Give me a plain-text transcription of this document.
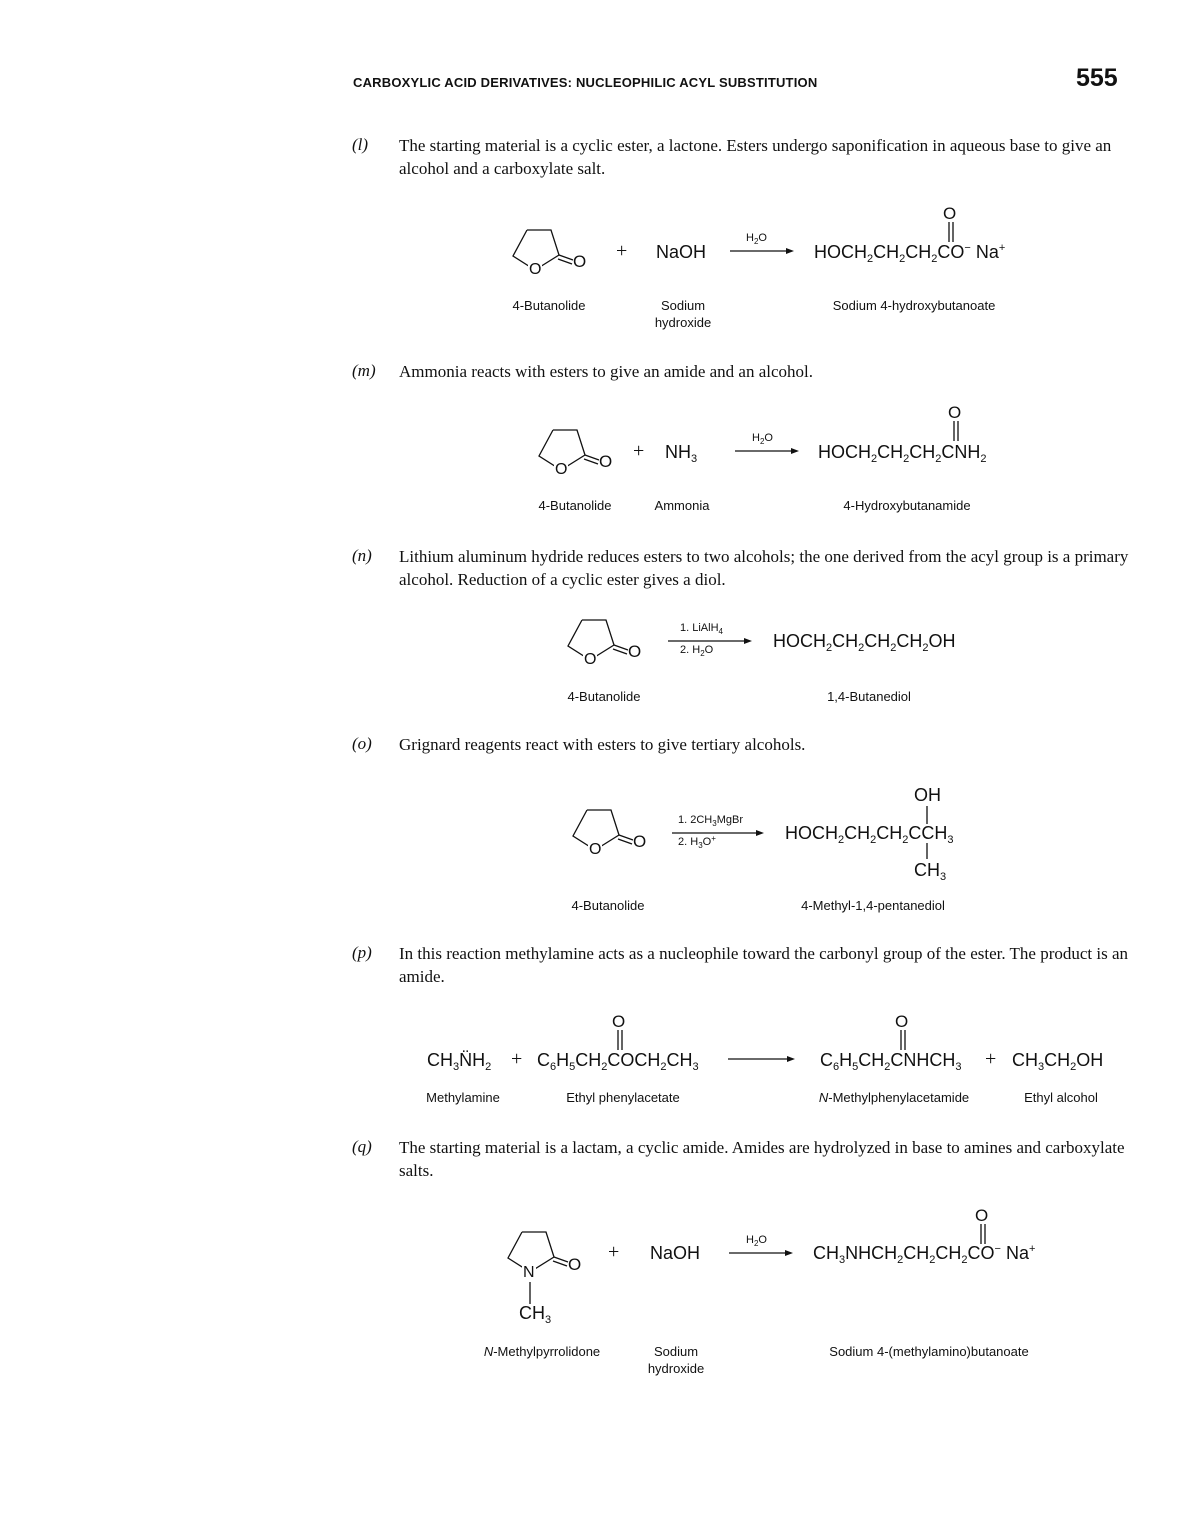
CARBOXYLIC ACID DERIVATIVES: NUCLEOPHILIC ACYL SUBSTITUTION	555
(l) The starting material is a cyclic ester, a lactone. Esters undergo saponification in aqueous base to give an alcohol and a carboxylate salt.
O O + NaOH
$H_2O$
$HOCH_2CH_2CH_2CO^-$ Na+
O
4-Butanolide	Sodium
hydroxide
Sodium 4-hydroxybutanoate
(m) Ammonia reacts with esters to give an amide and an alcohol.
O $O + NH_3$
$H_2O$
$HOCH_2CH_2CH_2CNH_2$
O
4-Butanolide	Ammonia	4-Hydroxybutanamide
(n) Lithium aluminum hydride reduces esters to two alcohols; the one derived from the acyl group is a primary alcohol. Reduction of a cyclic ester gives a diol.
O O
1. LiAlH$_4$
2. $H_2O$	$HOCH_2CH_2CH_2CH_2OH$
4-Butanolide	1,4-Butanediol
(o) Grignard reagents react with esters to give tertiary alcohols.
O O
1. $2CH_3MgBr$
2. $H_3O^+$
OH
$HOCH_2CH_2CH_2CCH_3$
$CH_3$
4-Butanolide	4-Methyl-1,4-pentanediol
(p) In this reaction methylamine acts as a nucleophile toward the carbonyl group of the ester. The product is an amide.
$CH_3N̈H_2$ +
O
$C_6H_5CH_2COCH_2CH_3$
O
$C_6H_5CH_2CNHCH_3 + CH_3CH_2OH$
Methylamine	Ethyl phenylacetate	N-Methylphenylacetamide	Ethyl alcohol
(q) The starting material is a lactam, a cyclic amide. Amides are hydrolyzed in base to amines and carboxylate salts.
N O
$CH_3$
+ NaOH
$H_2O$
O
$CH_3NHCH_2CH_2CH_2CO^-$ Na+
N-Methylpyrrolidone	Sodium
hydroxide
Sodium 4-(methylamino)butanoate
